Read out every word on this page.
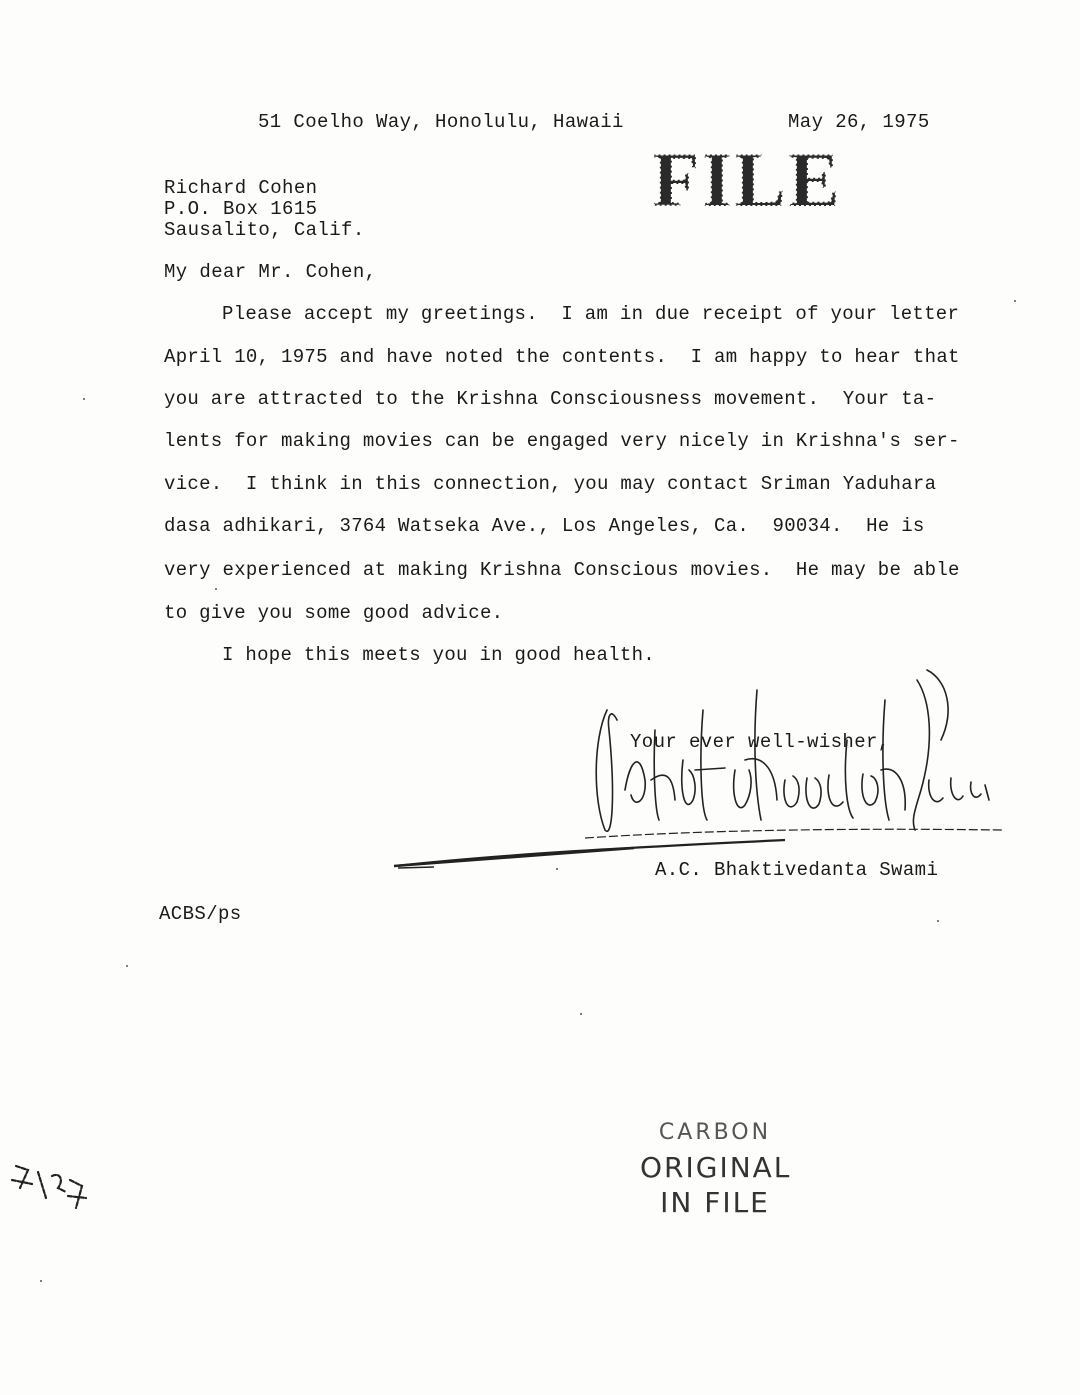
51 Coelho Way, Honolulu, Hawaii	May 26, 1975
FILE
Richard Cohen
P.O. Box 1615
Sausalito, Calif.
My dear Mr. Cohen,
Please accept my greetings.  I am in due receipt of your letter
April 10, 1975 and have noted the contents.  I am happy to hear that
you are attracted to the Krishna Consciousness movement.  Your ta-
lents for making movies can be engaged very nicely in Krishna's ser-
vice.  I think in this connection, you may contact Sriman Yaduhara
dasa adhikari, 3764 Watseka Ave., Los Angeles, Ca.  90034.  He is
very experienced at making Krishna Conscious movies.  He may be able
to give you some good advice.
I hope this meets you in good health.
Your ever well-wisher,
A.C. Bhaktivedanta Swami
ACBS/ps
CARBON
ORIGINAL
IN FILE
